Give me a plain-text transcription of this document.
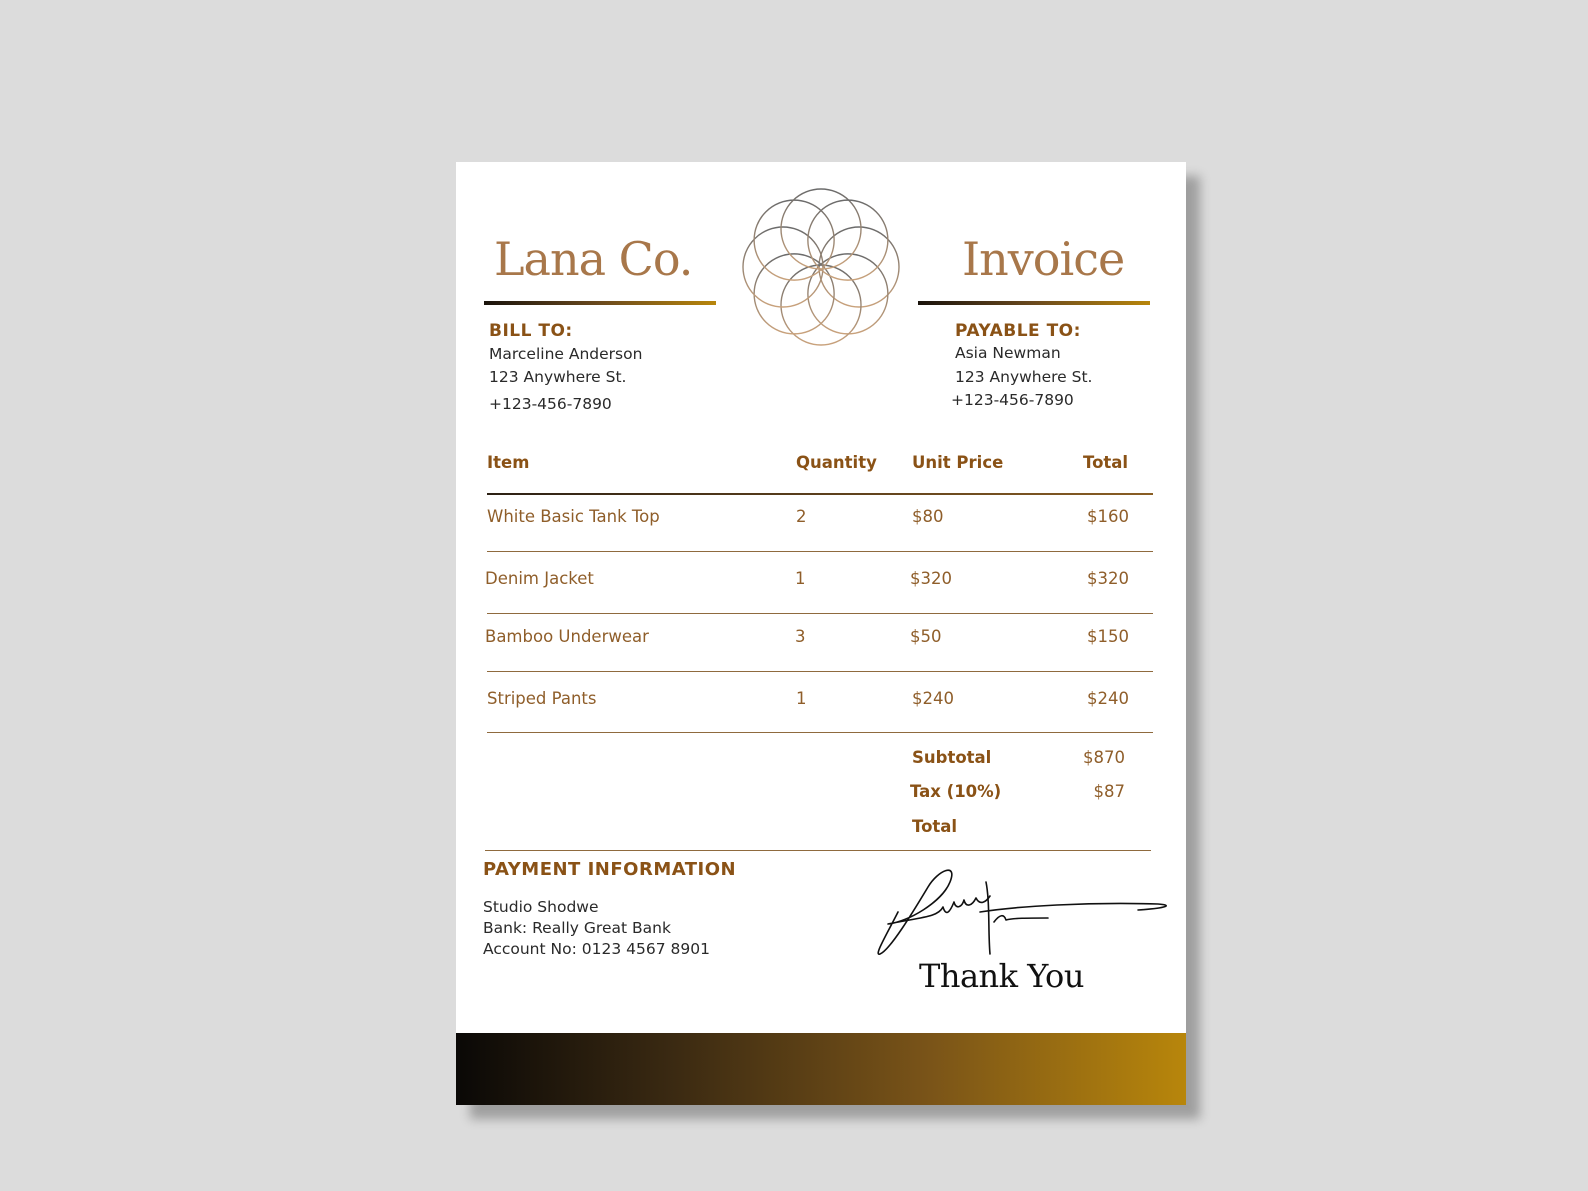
Lana Co.	Invoice
BILL TO:
Marceline Anderson
123 Anywhere St.
+123-456-7890
PAYABLE TO:
Asia Newman
123 Anywhere St.
+123-456-7890
Item	Quantity Unit Price	Total
White Basic Tank Top	2	$80	$160
Denim Jacket	1	$320	$320
Bamboo Underwear	3	$50	$150
Striped Pants	1	$240	$240
Subtotal	$870
Tax (10%)	$87
Total
PAYMENT INFORMATION
Studio Shodwe
Bank: Really Great Bank
Account No: 0123 4567 8901
Thank You
